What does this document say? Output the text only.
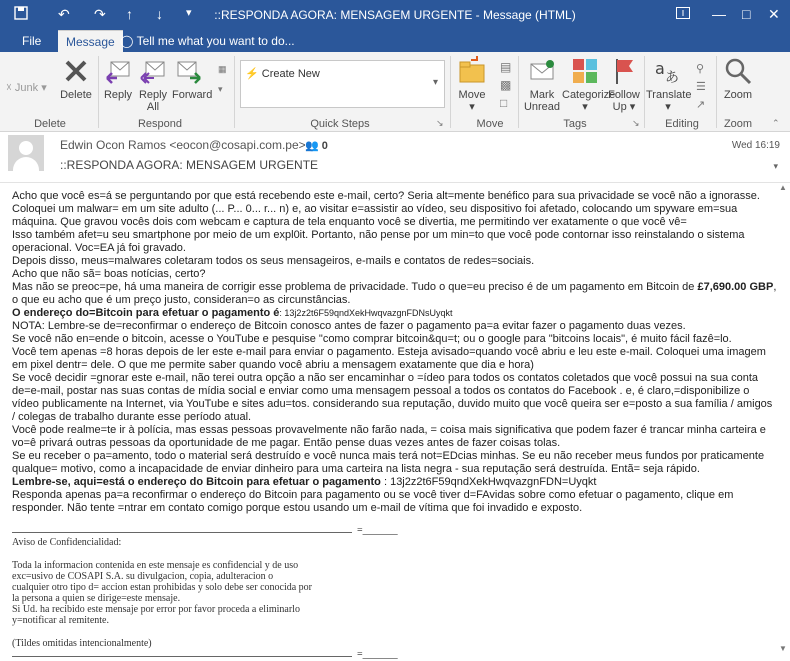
↶ ↷ ↑ ↓ ▾	::RESPONDA AGORA: MENSAGEM URGENTE - Message (HTML)	— □ ✕
File	Message ◯ Tell me what you want to do...
☓ Junk ▾
Delete
Delete
Reply Reply
All
Forward
▦
▾
Respond
⚡ Create New
▾
Quick Steps	↘
Move
▾
▤
▩
□
Move
Mark
Unread
Categorize
▾
Follow
Up ▾
Tags	↘
a あ
Translate
▾
⚲
☰
↗
Editing
Zoom
Zoom	⌃
Edwin Ocon Ramos <eocon@cosapi.com.pe> 👥 0
::RESPONDA AGORA: MENSAGEM URGENTE
Wed 16:19
▾
▲
▼

Acho que você es=á se perguntando por que está recebendo este e-mail, certo? Seria alt=mente benéfico para sua privacidade se você não a ignorasse.

Coloquei um malwar= em um site adulto (... P... 0... r... n) e, ao visitar e=assistir ao vídeo, seu dispositivo foi afetado, colocando um spyware em=sua máquina. Que gravou vocês dois com webcam e captura de tela enquanto você se divertia, me permitindo ver exatamente o que você vê=

Isso também afet=u seu smartphone por meio de um expl0it. Portanto, não pense por um min=to que você pode contornar isso reinstalando o sistema operacional. Voc=EA já foi gravado.

Depois disso, meus=malwares coletaram todos os seus mensageiros, e-mails e contatos de redes=sociais.

Acho que não sã= boas notícias, certo?

Mas não se preoc=pe, há uma maneira de corrigir esse problema de privacidade. Tudo o que=eu preciso é de um pagamento em Bitcoin de £7,690.00 GBP, o que eu acho que é um preço justo, consideran=o as circunstâncias.

O endereço do=Bitcoin para efetuar o pagamento é: 13j2z2t6F59qndXekHwqvazgnFDNsUyqkt

NOTA: Lembre-se de=reconfirmar o endereço de Bitcoin conosco antes de fazer o pagamento pa=a evitar fazer o pagamento duas vezes.

Se você não en=ende o bitcoin, acesse o YouTube e pesquise "como comprar bitcoin&qu=t; ou o google para "bitcoins locais", é muito fácil fazê=lo.

Você tem apenas =8 horas depois de ler este e-mail para enviar o pagamento. Esteja avisado=quando você abriu e leu este e-mail. Coloquei uma imagem em pixel dentr= dele. O que me permite saber quando você abriu a mensagem exatamente que dia e hora)

Se você decidir =gnorar este e-mail, não terei outra opção a não ser encaminhar o =ídeo para todos os contatos coletados que você possui na sua conta de=e-mail, postar nas suas contas de mídia social e enviar como uma mensagem pessoal a todos os contatos do Facebook . e, é claro,=disponibilize o vídeo publicamente na Internet, via YouTube e sites adu=tos. considerando sua reputação, duvido muito que você queira ser e=posto a sua família / amigos / colegas de trabalho durante esse período atual.

Você pode realme=te ir à polícia, mas essas pessoas provavelmente não farão nada, = coisa mais significativa que podem fazer é trancar minha carteira e vo=ê privará outras pessoas da oportunidade de me pagar. Então pense duas vezes antes de fazer coisas tolas.

Se eu receber o pa=amento, todo o material será destruído e você nunca mais terá not=EDcias minhas. Se eu não receber meus fundos por praticamente qualque= motivo, como a incapacidade de enviar dinheiro para uma carteira na lista negra - sua reputação será destruída. Entã= seja rápido.

Lembre-se, aqui=está o endereço do Bitcoin para efetuar o pagamento : 13j2z2t6F59qndXekHwqvazgnFDN=Uyqkt

Responda apenas pa=a reconfirmar o endereço do Bitcoin para pagamento ou se você tiver d=FAvidas sobre como efetuar o pagamento, clique em responder. Não tente =ntrar em contato comigo porque estou usando um e-mail de vítima que foi invadido e exposto.

=_______
Aviso de Confidencialidad:
Toda la informacion contenida en este mensaje es confidencial y de uso exc=usivo de COSAPI S.A. su divulgacion, copia, adulteracion o cualquier otro tipo d= accion estan prohibidas y solo debe ser conocida por la persona a quien se dirige=este mensaje.
Si Ud. ha recibido este mensaje por error por favor proceda a eliminarlo y=notificar al remitente.
(Tildes omitidas intencionalmente)
=_______
